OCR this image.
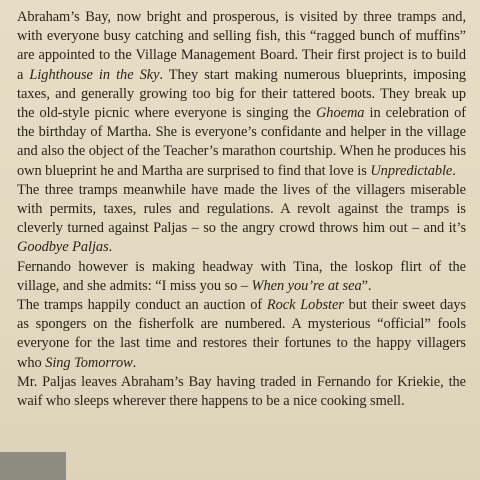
Abraham’s Bay, now bright and prosperous, is visited by three tramps and, with everyone busy catching and selling fish, this “ragged bunch of muffins” are appointed to the Village Management Board. Their first project is to build a Lighthouse in the Sky. They start making numerous blueprints, imposing taxes, and generally growing too big for their tattered boots. They break up the old-style picnic where everyone is singing the Ghoema in celebration of the birthday of Martha. She is everyone’s confidante and helper in the village and also the object of the Teacher’s marathon courtship. When he produces his own blueprint he and Martha are surprised to find that love is Unpredictable.

The three tramps meanwhile have made the lives of the villagers miserable with permits, taxes, rules and regulations. A revolt against the tramps is cleverly turned against Paljas – so the angry crowd throws him out – and it’s Goodbye Paljas.

Fernando however is making headway with Tina, the loskop flirt of the village, and she admits: “I miss you so – When you’re at sea”.

The tramps happily conduct an auction of Rock Lobster but their sweet days as spongers on the fisherfolk are numbered. A mysterious “official” fools everyone for the last time and restores their fortunes to the happy villagers who Sing Tomorrow.

Mr. Paljas leaves Abraham’s Bay having traded in Fernando for Kriekie, the waif who sleeps wherever there happens to be a nice cooking smell.
